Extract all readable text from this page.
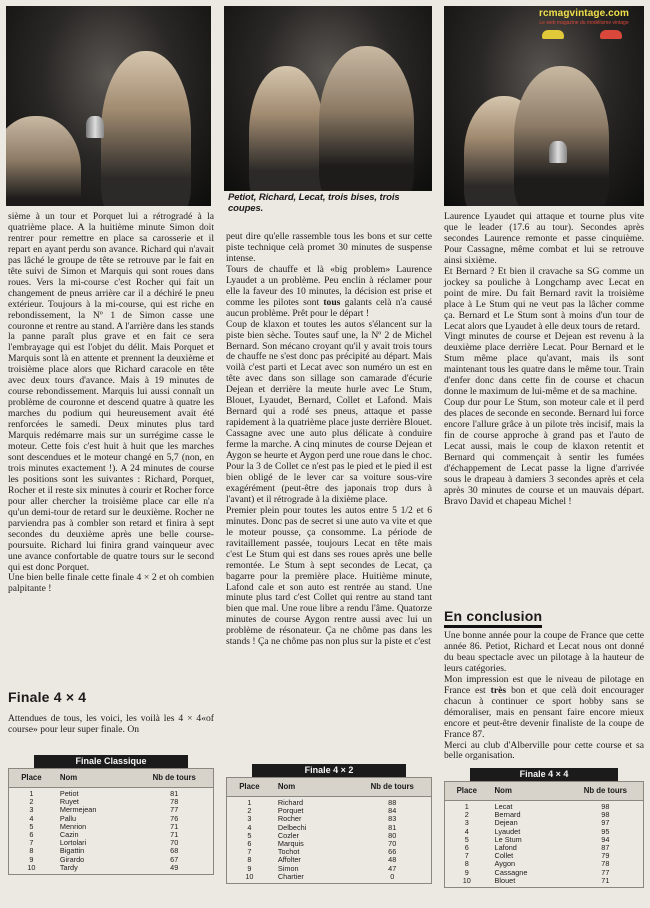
rcmagvintage.com
Le web magazine du modélisme vintage
Petiot, Richard, Lecat, trois bises, trois coupes.

sième à un tour et Porquet lui a rétrogradé à la quatrième place. A la huitième minute Simon doit rentrer pour remettre en place sa carosserie et il repart en ayant perdu son avance. Richard qui n'avait pas lâché le groupe de tête se retrouve par le fait en tête suivi de Simon et Marquis qui sont roues dans roues. Vers la mi-course c'est Rocher qui fait un changement de pneus arrière car il a déchiré le pneu extérieur. Toujours à la mi-course, qui est riche en rebondissement, la Nº 1 de Simon casse une couronne et rentre au stand. A l'arrière dans les stands la panne paraît plus grave et en fait ce sera l'embrayage qui est l'objet du délit. Mais Porquet et Marquis sont là en attente et prennent la deuxième et troisième place alors que Richard caracole en tête avec deux tours d'avance. Mais à 19 minutes de course rebondissement. Marquis lui aussi connaît un problème de couronne et descend quatre à quatre les marches du podium qui heureusement avait été renforcées le samedi. Deux minutes plus tard Marquis redémarre mais sur un surrégime casse le moteur. Cette fois c'est huit à huit que les marches sont descendues et le moteur changé en 5,7 (non, en trois minutes exactement !). A 24 minutes de course les positions sont les suivantes : Richard, Porquet, Rocher et il reste six minutes à courir et Rocher force pour aller chercher la troisième place car elle n'a qu'un demi-tour de retard sur le deuxième. Rocher ne parviendra pas à combler son retard et finira à sept secondes du deuxième après une belle course-poursuite. Richard lui finira grand vainqueur avec une avance confortable de quatre tours sur le second qui est donc Porquet.

Une bien belle finale cette finale 4 × 2 et oh combien palpitante !

Finale 4 × 4

Attendues de tous, les voici, les voilà les 4 × 4«of course» pour leur super finale. On

peut dire qu'elle rassemble tous les bons et sur cette piste technique celà promet 30 minutes de suspense intense.

Tours de chauffe et là «big problem» Laurence Lyaudet a un problème. Peu enclin à réclamer pour elle la faveur des 10 minutes, la décision est prise et comme les pilotes sont tous galants celà n'a causé aucun problème. Prêt pour le départ !

Coup de klaxon et toutes les autos s'élancent sur la piste bien sèche. Toutes sauf une, la Nº 2 de Michel Bernard. Son mécano croyant qu'il y avait trois tours de chauffe ne s'est donc pas précipité au départ. Mais voilà c'est parti et Lecat avec son numéro un est en tête avec dans son sillage son camarade d'écurie Dejean et derrière la meute hurle avec Le Stum, Blouet, Lyaudet, Bernard, Collet et Lafond. Mais Bernard qui a rodé ses pneus, attaque et passe rapidement à la quatrième place juste derrière Blouet. Cassagne avec une auto plus délicate à conduire ferme la marche. A cinq minutes de course Dejean et Aygon se heurte et Aygon perd une roue dans le choc. Pour la 3 de Collet ce n'est pas le pied et le pied il est bien obligé de le lever car sa voiture sous-vire exagérément (peut-être des japonais trop durs à l'avant) et il rétrograde à la dixième place.

Premier plein pour toutes les autos entre 5 1/2 et 6 minutes. Donc pas de secret si une auto va vite et que le moteur pousse, ça consomme. La période de ravitaillement passée, toujours Lecat en tête mais c'est Le Stum qui est dans ses roues après une belle remontée. Le Stum à sept secondes de Lecat, ça bagarre pour la première place. Huitième minute, Lafond cale et son auto est rentrée au stand. Une minute plus tard c'est Collet qui rentre au stand tant bien que mal. Une roue libre a rendu l'âme. Quatorze minutes de course Aygon rentre aussi avec lui un problème de résonateur. Ça ne chôme pas dans les stands ! Ça ne chôme pas non plus sur la piste et c'est

Laurence Lyaudet qui attaque et tourne plus vite que le leader (17.6 au tour). Secondes après secondes Laurence remonte et passe cinquième. Pour Cassagne, même combat et lui se retrouve ainsi sixième.

Et Bernard ? Et bien il cravache sa SG comme un jockey sa pouliche à Longchamp avec Lecat en point de mire. Du fait Bernard ravit la troisième place à Le Stum qui ne veut pas la lâcher comme ça. Bernard et Le Stum sont à moins d'un tour de Lecat alors que Lyaudet à elle deux tours de retard.

Vingt minutes de course et Dejean est revenu à la deuxième place derrière Lecat. Pour Bernard et le Stum même place qu'avant, mais ils sont maintenant tous les quatre dans le même tour. Train d'enfer donc dans cette fin de course et chacun donne le maximum de lui-même et de sa machine.

Coup dur pour Le Stum, son moteur cale et il perd des places de seconde en seconde. Bernard lui force encore l'allure grâce à un pilote très incisif, mais la fin de course approche à grand pas et l'auto de Lecat aussi, mais le coup de klaxon retentit et Bernard qui commençait à sentir les fumées d'échappement de Lecat passe la ligne d'arrivée sous le drapeau à damiers 3 secondes après et cela après 30 minutes de course et un mauvais départ. Bravo David et chapeau Michel !

En conclusion

Une bonne année pour la coupe de France que cette année 86. Petiot, Richard et Lecat nous ont donné du beau spectacle avec un pilotage à la hauteur de leurs catégories.

Mon impression est que le niveau de pilotage en France est très bon et que celà doit encourager chacun à continuer ce sport hobby sans se démoraliser, mais en pensant faire encore mieux encore et peut-être devenir finaliste de la coupe de France 87.

Merci au club d'Alberville pour cette course et sa belle organisation.

Finale Classique
Place	Nom	Nb de tours
1	Petiot	81
2	Ruyet	78
3	Mermejean	77
4	Pallu	76
5	Menrion	71
6	Cazin	71
7	Lortolari	70
8	Bigattin	68
9	Girardo	67
10	Tardy	49
Finale 4 × 2
Place	Nom	Nb de tours
1	Richard	88
2	Porquet	84
3	Rocher	83
4	Delbechi	81
5	Cozler	80
6	Marquis	70
7	Tochot	66
8	Affolter	48
9	Simon	47
10	Chartier	0
Finale 4 × 4
Place	Nom	Nb de tours
1	Lecat	98
2	Bernard	98
3	Dejean	97
4	Lyaudet	95
5	Le Stum	94
6	Lafond	87
7	Collet	79
8	Aygon	78
9	Cassagne	77
10	Blouet	71
